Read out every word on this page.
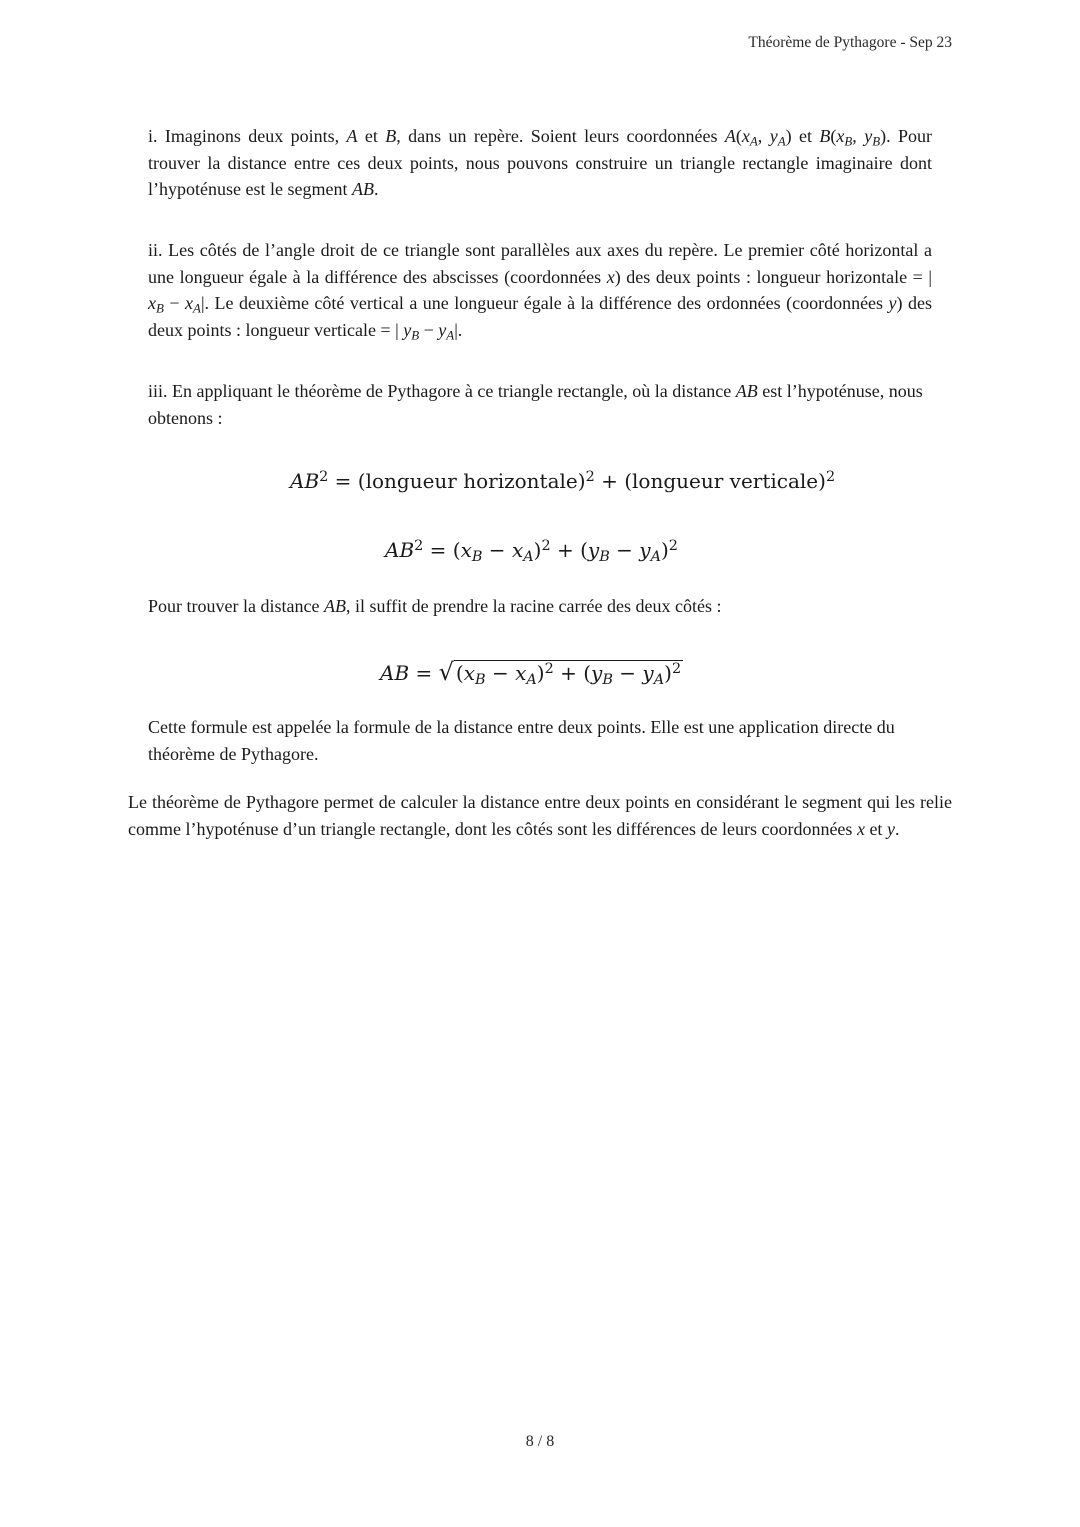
Théorème de Pythagore - Sep 23

i. Imaginons deux points, A et B, dans un repère. Soient leurs coordonnées $A(x_A$, $y_A$) et $B(x_B$, $y_B$). Pour trouver la distance entre ces deux points, nous pouvons construire un triangle rectangle imaginaire dont l’hypoténuse est le segment AB.

ii. Les côtés de l’angle droit de ce triangle sont parallèles aux axes du repère. Le premier côté horizontal a une longueur égale à la différence des abscisses (coordonnées x) des deux points : longueur horizontale = | $x_B - x_A|$. Le deuxième côté vertical a une longueur égale à la différence des ordonnées (coordonnées y) des deux points : longueur verticale = | $y_B - y_A|$.

iii. En appliquant le théorème de Pythagore à ce triangle rectangle, où la distance AB est l’hypoténuse, nous obtenons :

$AB^2$ = (longueur horizontale)$^2$ + (longueur verticale)$^2$
$AB^2 = (x_B - x_A)^2 + (y_B - y_A)^2$

Pour trouver la distance AB, il suffit de prendre la racine carrée des deux côtés :

AB = √ $(x_B - x_A)^2 + (y_B - y_A)^2$

Cette formule est appelée la formule de la distance entre deux points. Elle est une application directe du théorème de Pythagore.

Le théorème de Pythagore permet de calculer la distance entre deux points en considérant le segment qui les relie comme l’hypoténuse d’un triangle rectangle, dont les côtés sont les différences de leurs coordonnées x et y.

8 / 8
